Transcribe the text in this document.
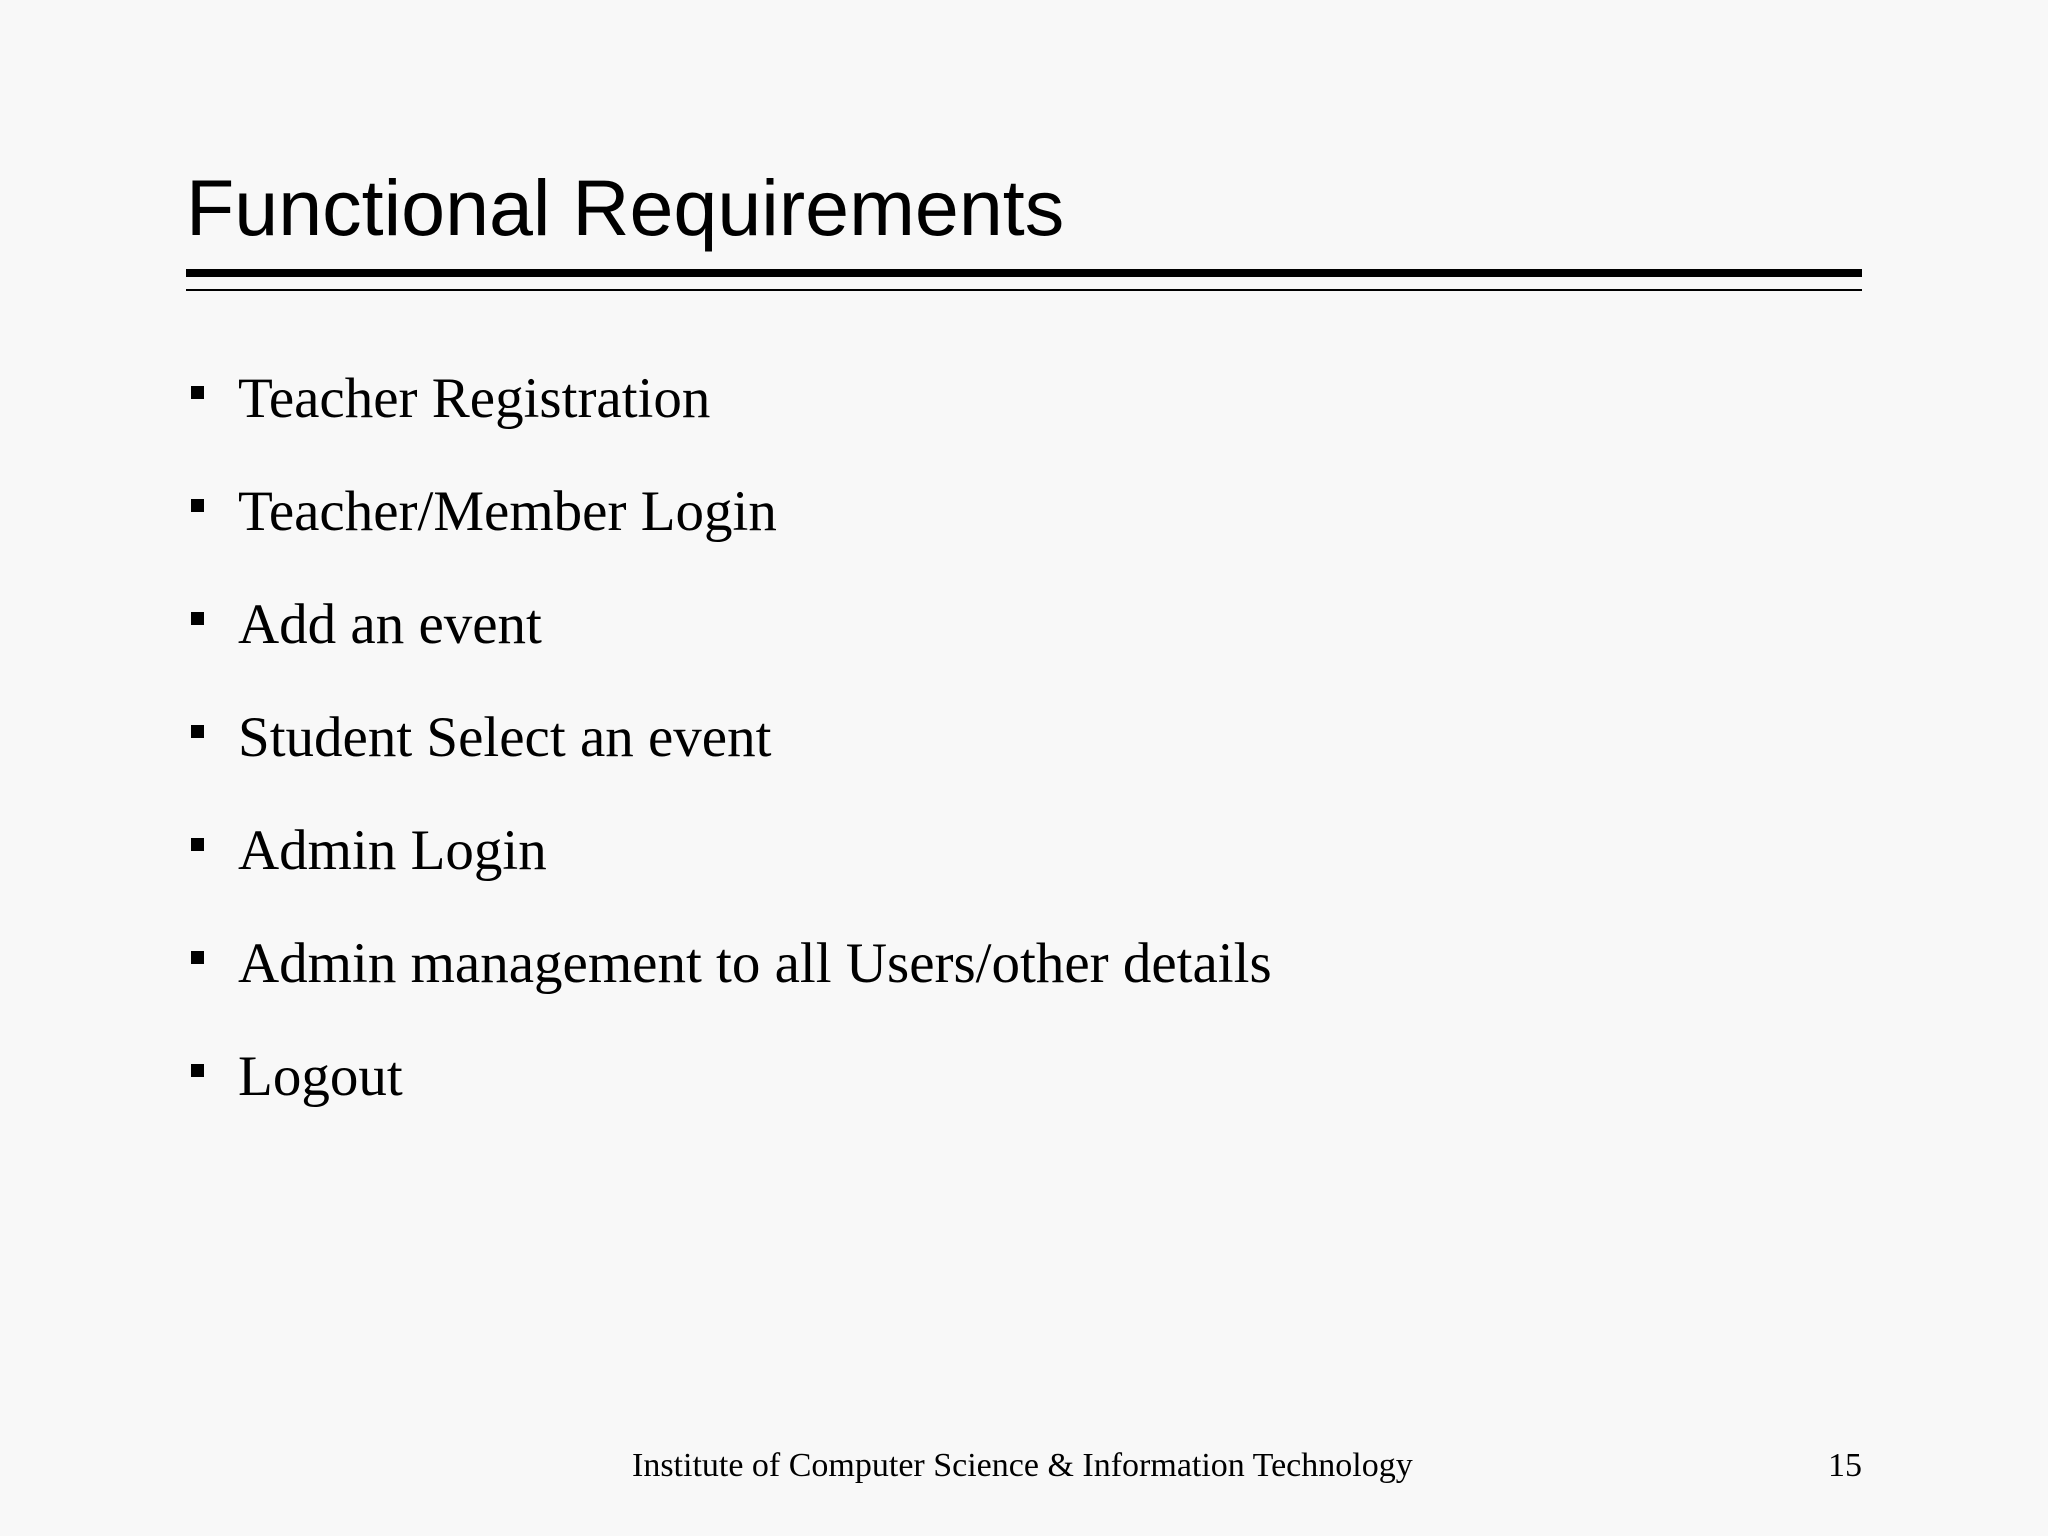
Functional Requirements
Teacher Registration
Teacher/Member Login
Add an event
Student Select an event
Admin Login
Admin management to all Users/other details
Logout
Institute of Computer Science & Information Technology	15
